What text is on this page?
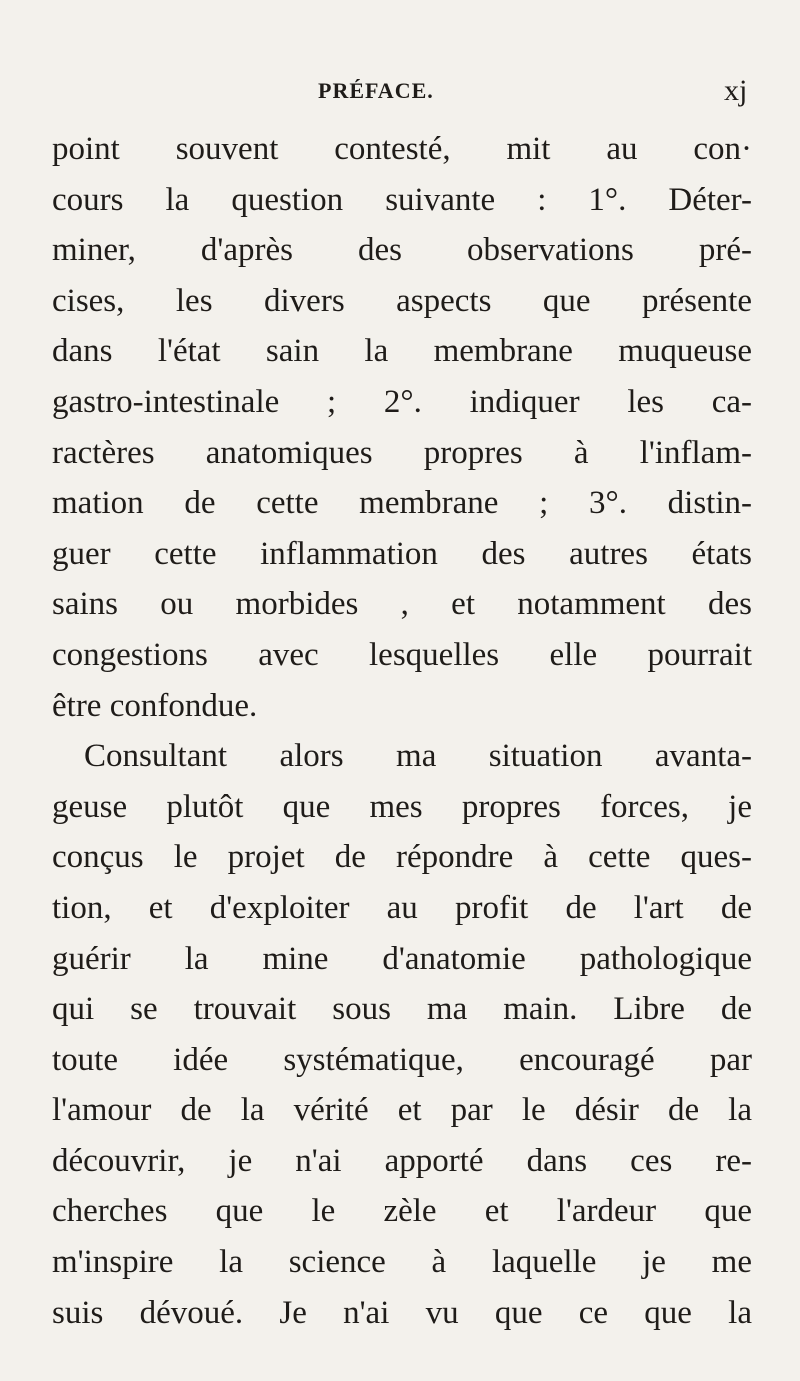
PRÉFACE.	xj
point souvent contesté, mit au con·
cours la question suivante : 1°. Déter-
miner, d'après des observations pré-
cises, les divers aspects que présente
dans l'état sain la membrane muqueuse
gastro-intestinale ; 2°. indiquer les ca-
ractères anatomiques propres à l'inflam-
mation de cette membrane ; 3°. distin-
guer cette inflammation des autres états
sains ou morbides , et notamment des
congestions avec lesquelles elle pourrait
être confondue.
Consultant alors ma situation avanta-
geuse plutôt que mes propres forces, je
conçus le projet de répondre à cette ques-
tion, et d'exploiter au profit de l'art de
guérir la mine d'anatomie pathologique
qui se trouvait sous ma main. Libre de
toute idée systématique, encouragé par
l'amour de la vérité et par le désir de la
découvrir, je n'ai apporté dans ces re-
cherches que le zèle et l'ardeur que
m'inspire la science à laquelle je me
suis dévoué. Je n'ai vu que ce que la
